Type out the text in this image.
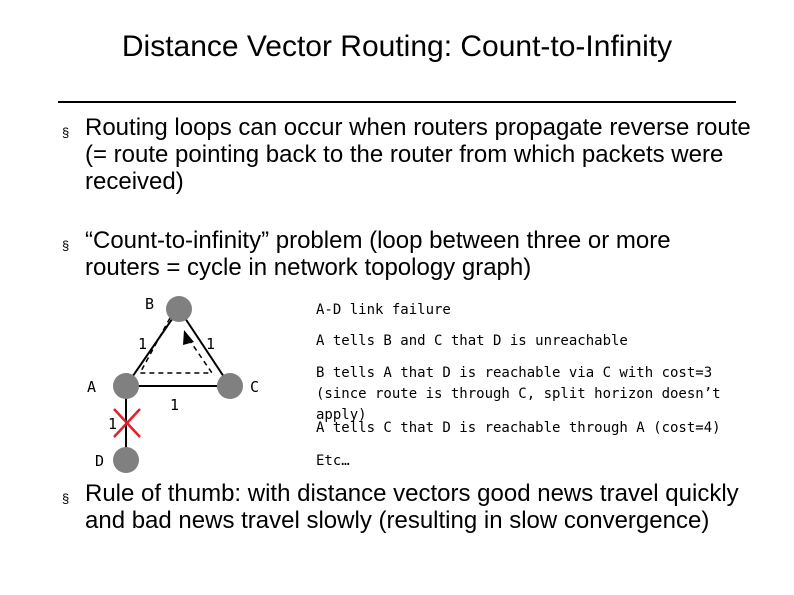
Distance Vector Routing: Count-to-Infinity
§ Routing loops can occur when routers propagate reverse route (= route pointing back to the router from which packets were received)
§ “Count-to-infinity” problem (loop between three or more routers = cycle in network topology graph)
B
A	C
D
1	1
1
1
A-D link failure
A tells B and C that D is unreachable
B tells A that D is reachable via C with cost=3 (since route is through C, split horizon doesn’t apply)
A tells C that D is reachable through A (cost=4)
Etc…
§ Rule of thumb: with distance vectors good news travel quickly and bad news travel slowly (resulting in slow convergence)
